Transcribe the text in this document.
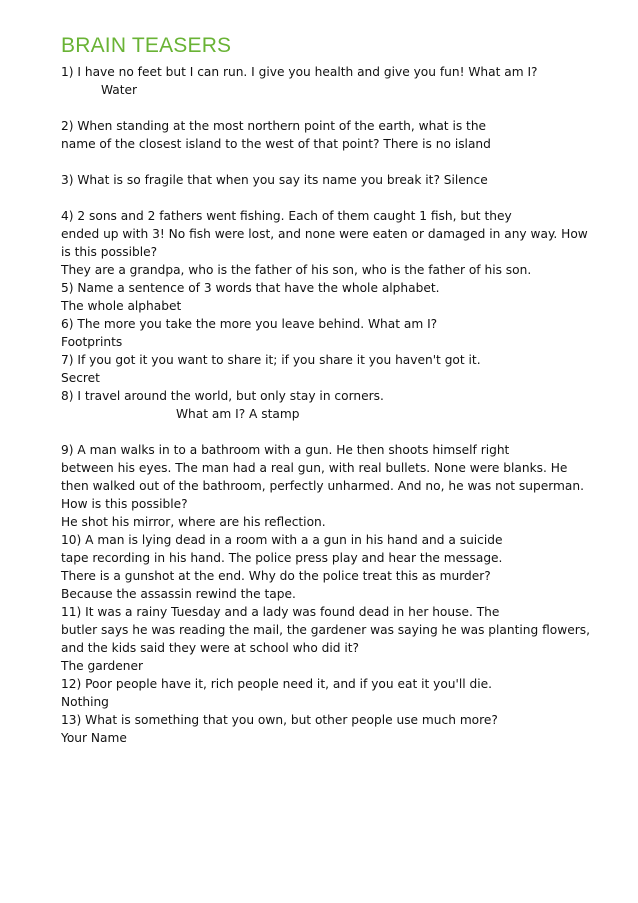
BRAIN TEASERS
1) I have no feet but I can run. I give you health and give you fun! What am I?
Water
2) When standing at the most northern point of the earth, what is the
name of the closest island to the west of that point? There is no island
3) What is so fragile that when you say its name you break it? Silence
4) 2 sons and 2 fathers went fishing. Each of them caught 1 fish, but they
ended up with 3! No fish were lost, and none were eaten or damaged in any way. How
is this possible?
They are a grandpa, who is the father of his son, who is the father of his son.
5) Name a sentence of 3 words that have the whole alphabet.
The whole alphabet
6) The more you take the more you leave behind. What am I?
Footprints
7) If you got it you want to share it; if you share it you haven't got it.
Secret
8) I travel around the world, but only stay in corners.
What am I? A stamp
9) A man walks in to a bathroom with a gun. He then shoots himself right
between his eyes. The man had a real gun, with real bullets. None were blanks. He
then walked out of the bathroom, perfectly unharmed. And no, he was not superman.
How is this possible?
He shot his mirror, where are his reflection.
10) A man is lying dead in a room with a a gun in his hand and a suicide
tape recording in his hand. The police press play and hear the message.
There is a gunshot at the end. Why do the police treat this as murder?
Because the assassin rewind the tape.
11) It was a rainy Tuesday and a lady was found dead in her house. The
butler says he was reading the mail, the gardener was saying he was planting flowers,
and the kids said they were at school who did it?
The gardener
12) Poor people have it, rich people need it, and if you eat it you'll die.
Nothing
13) What is something that you own, but other people use much more?
Your Name
